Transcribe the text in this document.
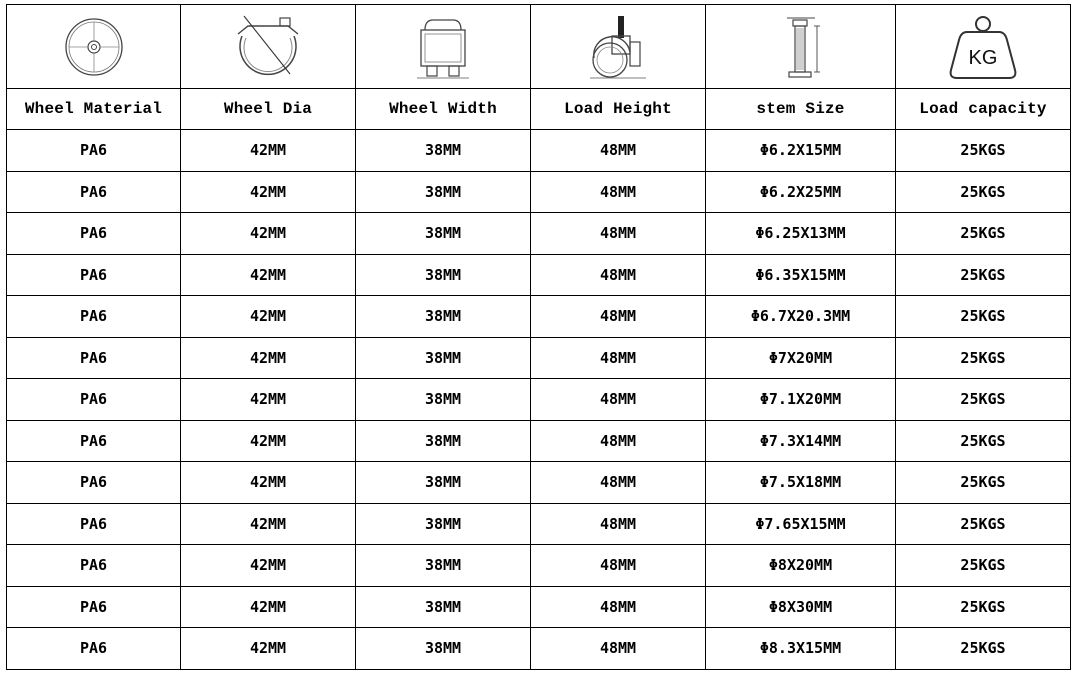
KG

Wheel Material	Wheel Dia	Wheel Width	Load Height	stem Size	Load capacity
PA6	42MM	38MM	48MM	Φ6.2X15MM	25KGS
PA6	42MM	38MM	48MM	Φ6.2X25MM	25KGS
PA6	42MM	38MM	48MM	Φ6.25X13MM	25KGS
PA6	42MM	38MM	48MM	Φ6.35X15MM	25KGS
PA6	42MM	38MM	48MM	Φ6.7X20.3MM	25KGS
PA6	42MM	38MM	48MM	Φ7X20MM	25KGS
PA6	42MM	38MM	48MM	Φ7.1X20MM	25KGS
PA6	42MM	38MM	48MM	Φ7.3X14MM	25KGS
PA6	42MM	38MM	48MM	Φ7.5X18MM	25KGS
PA6	42MM	38MM	48MM	Φ7.65X15MM	25KGS
PA6	42MM	38MM	48MM	Φ8X20MM	25KGS
PA6	42MM	38MM	48MM	Φ8X30MM	25KGS
PA6	42MM	38MM	48MM	Φ8.3X15MM	25KGS
